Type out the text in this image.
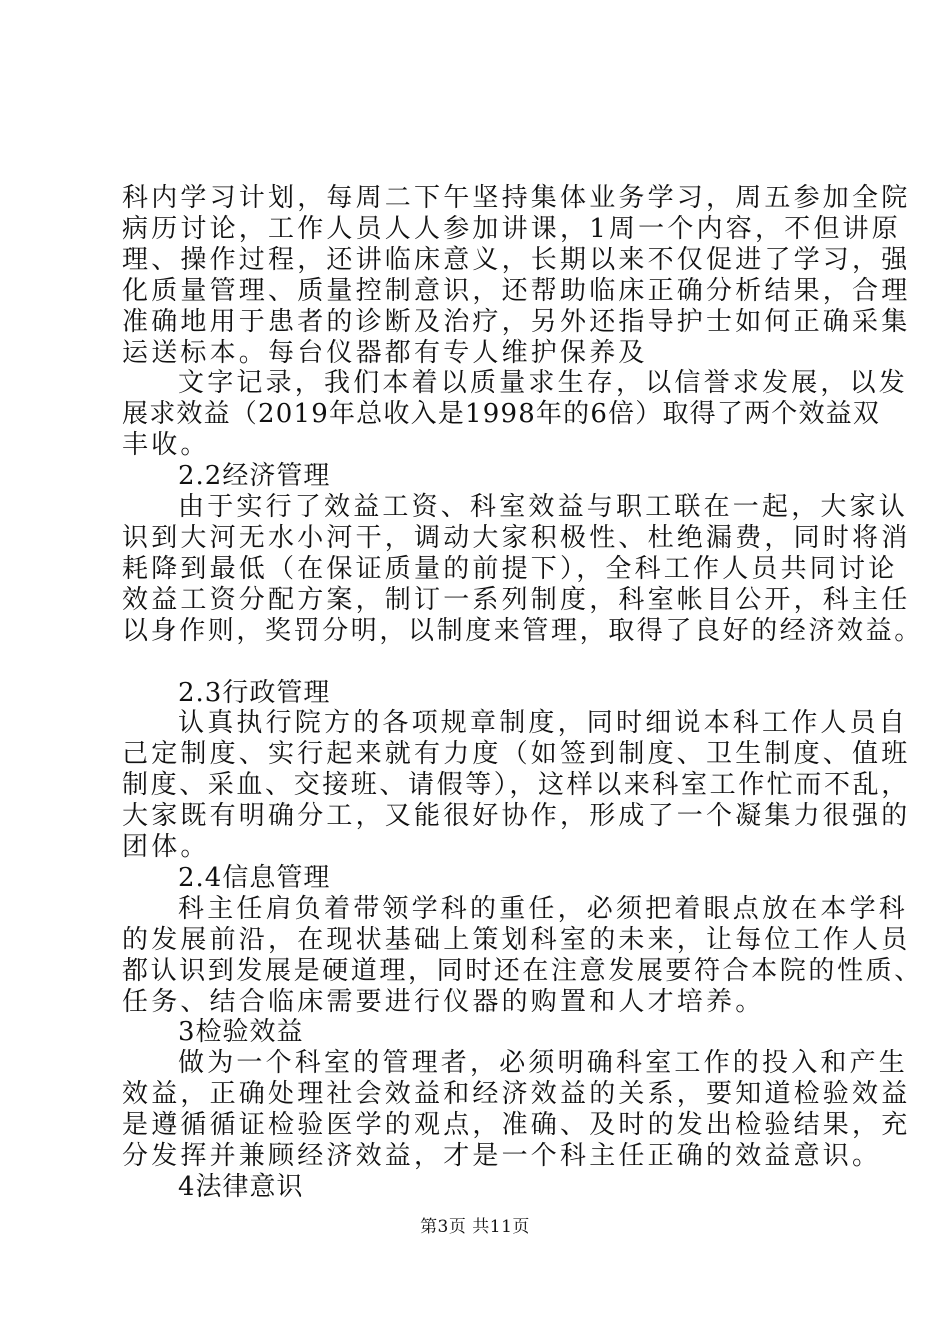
科内学习计划，每周二下午坚持集体业务学习，周五参加全院
病历讨论，工作人员人人参加讲课，1周一个内容，不但讲原
理、操作过程，还讲临床意义，长期以来不仅促进了学习，强
化质量管理、质量控制意识，还帮助临床正确分析结果，合理
准确地用于患者的诊断及治疗，另外还指导护士如何正确采集
运送标本。每台仪器都有专人维护保养及
文字记录，我们本着以质量求生存，以信誉求发展，以发
展求效益（2019年总收入是1998年的6倍）取得了两个效益双
丰收。
2.2经济管理
由于实行了效益工资、科室效益与职工联在一起，大家认
识到大河无水小河干，调动大家积极性、杜绝漏费，同时将消
耗降到最低（在保证质量的前提下），全科工作人员共同讨论
效益工资分配方案，制订一系列制度，科室帐目公开，科主任
以身作则，奖罚分明，以制度来管理，取得了良好的经济效益。
2.3行政管理
认真执行院方的各项规章制度，同时细说本科工作人员自
己定制度、实行起来就有力度（如签到制度、卫生制度、值班
制度、采血、交接班、请假等），这样以来科室工作忙而不乱，
大家既有明确分工，又能很好协作，形成了一个凝集力很强的
团体。
2.4信息管理
科主任肩负着带领学科的重任，必须把着眼点放在本学科
的发展前沿，在现状基础上策划科室的未来，让每位工作人员
都认识到发展是硬道理，同时还在注意发展要符合本院的性质、
任务、结合临床需要进行仪器的购置和人才培养。
3检验效益
做为一个科室的管理者，必须明确科室工作的投入和产生
效益，正确处理社会效益和经济效益的关系，要知道检验效益
是遵循循证检验医学的观点，准确、及时的发出检验结果，充
分发挥并兼顾经济效益，才是一个科主任正确的效益意识。
4法律意识
第3页 共11页
